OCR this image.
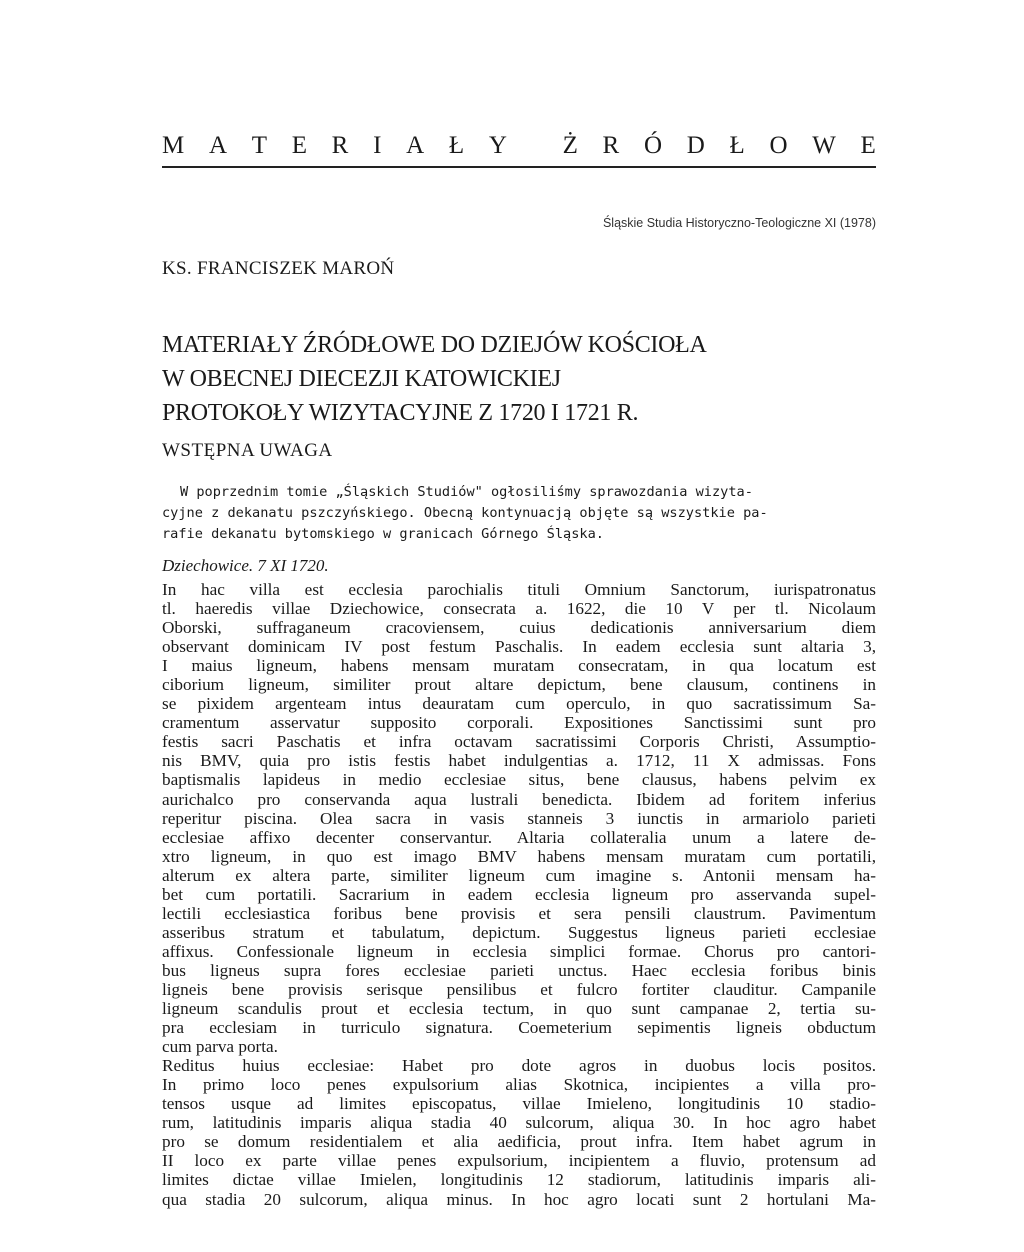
M A T E R I A Ł Y
Ż R Ó D Ł O W E
Śląskie Studia Historyczno-Teologiczne XI (1978)
KS. FRANCISZEK MAROŃ
MATERIAŁY ŹRÓDŁOWE DO DZIEJÓW KOŚCIOŁA
W OBECNEJ DIECEZJI KATOWICKIEJ
PROTOKOŁY WIZYTACYJNE Z 1720 I 1721 R.
WSTĘPNA UWAGA
W poprzednim tomie „Śląskich Studiów" ogłosiliśmy sprawozdania wizyta-
cyjne z dekanatu pszczyńskiego. Obecną kontynuacją objęte są wszystkie pa-
rafie dekanatu bytomskiego w granicach Górnego Śląska.
Dziechowice. 7 XI 1720.
In hac villa est ecclesia parochialis tituli Omnium Sanctorum, iurispatronatus
tl. haeredis villae Dziechowice, consecrata a. 1622, die 10 V per tl. Nicolaum
Oborski, suffraganeum cracoviensem, cuius dedicationis anniversarium diem
observant dominicam IV post festum Paschalis. In eadem ecclesia sunt altaria 3,
I maius ligneum, habens mensam muratam consecratam, in qua locatum est
ciborium ligneum, similiter prout altare depictum, bene clausum, continens in
se pixidem argenteam intus deauratam cum operculo, in quo sacratissimum Sa-
cramentum asservatur supposito corporali. Expositiones Sanctissimi sunt pro
festis sacri Paschatis et infra octavam sacratissimi Corporis Christi, Assumptio-
nis BMV, quia pro istis festis habet indulgentias a. 1712, 11 X admissas. Fons
baptismalis lapideus in medio ecclesiae situs, bene clausus, habens pelvim ex
aurichalco pro conservanda aqua lustrali benedicta. Ibidem ad foritem inferius
reperitur piscina. Olea sacra in vasis stanneis 3 iunctis in armariolo parieti
ecclesiae affixo decenter conservantur. Altaria collateralia unum a latere de-
xtro ligneum, in quo est imago BMV habens mensam muratam cum portatili,
alterum ex altera parte, similiter ligneum cum imagine s. Antonii mensam ha-
bet cum portatili. Sacrarium in eadem ecclesia ligneum pro asservanda supel-
lectili ecclesiastica foribus bene provisis et sera pensili claustrum. Pavimentum
asseribus stratum et tabulatum, depictum. Suggestus ligneus parieti ecclesiae
affixus. Confessionale ligneum in ecclesia simplici formae. Chorus pro cantori-
bus ligneus supra fores ecclesiae parieti unctus. Haec ecclesia foribus binis
ligneis bene provisis serisque pensilibus et fulcro fortiter clauditur. Campanile
ligneum scandulis prout et ecclesia tectum, in quo sunt campanae 2, tertia su-
pra ecclesiam in turriculo signatura. Coemeterium sepimentis ligneis obductum
cum parva porta.
Reditus huius ecclesiae: Habet pro dote agros in duobus locis positos.
In primo loco penes expulsorium alias Skotnica, incipientes a villa pro-
tensos usque ad limites episcopatus, villae Imieleno, longitudinis 10 stadio-
rum, latitudinis imparis aliqua stadia 40 sulcorum, aliqua 30. In hoc agro habet
pro se domum residentialem et alia aedificia, prout infra. Item habet agrum in
II loco ex parte villae penes expulsorium, incipientem a fluvio, protensum ad
limites dictae villae Imielen, longitudinis 12 stadiorum, latitudinis imparis ali-
qua stadia 20 sulcorum, aliqua minus. In hoc agro locati sunt 2 hortulani Ma-
